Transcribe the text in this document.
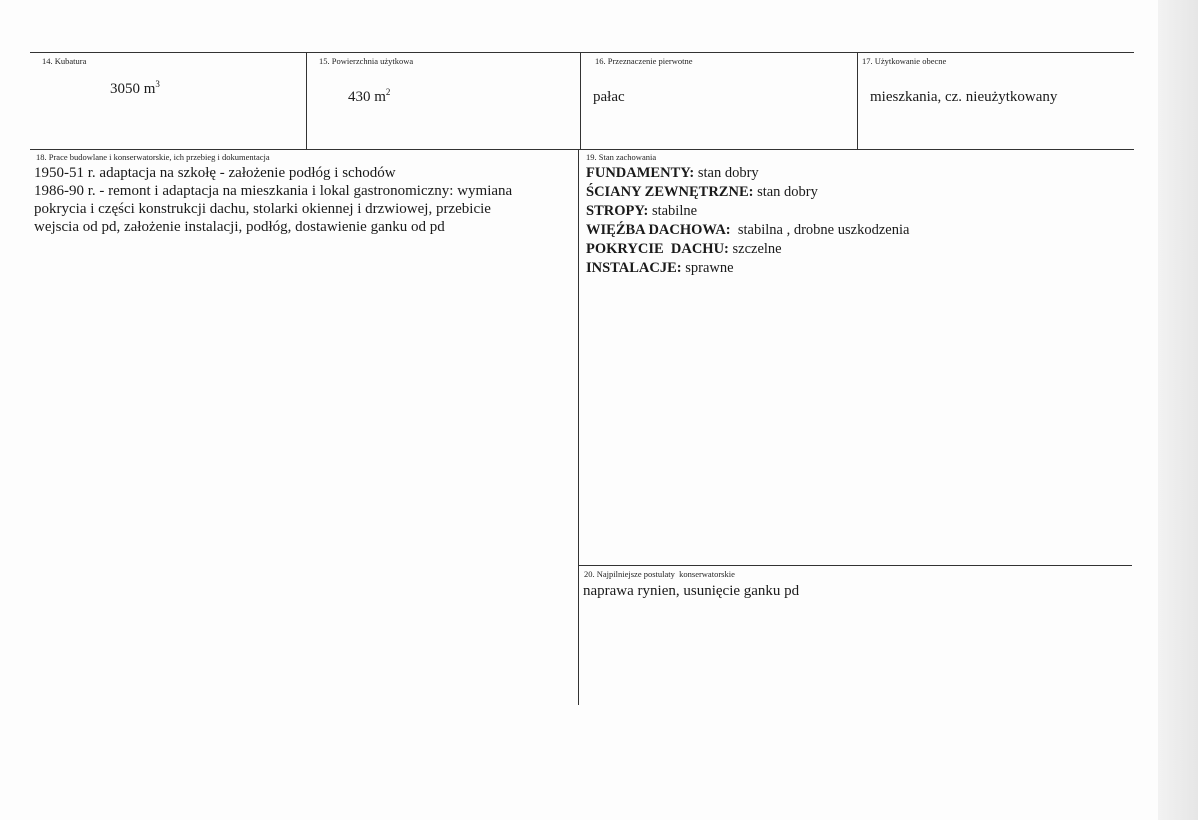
14. Kubatura
3050 $m^3$
15. Powierzchnia użytkowa
430 $m^2$
16. Przeznaczenie pierwotne
pałac
17. Użytkowanie obecne
mieszkania, cz. nieużytkowany
18. Prace budowlane i konserwatorskie, ich przebieg i dokumentacja
1950-51 r. adaptacja na szkołę - założenie podłóg i schodów
1986-90 r. - remont i adaptacja na mieszkania i lokal gastronomiczny: wymiana
pokrycia i części konstrukcji dachu, stolarki okiennej i drzwiowej, przebicie
wejscia od pd, założenie instalacji, podłóg, dostawienie ganku od pd
19. Stan zachowania
FUNDAMENTY: stan dobry
ŚCIANY ZEWNĘTRZNE: stan dobry
STROPY: stabilne
WIĘŹBA DACHOWA:  stabilna , drobne uszkodzenia
POKRYCIE  DACHU: szczelne
INSTALACJE: sprawne
20. Najpilniejsze postulaty  konserwatorskie
naprawa rynien, usunięcie ganku pd
